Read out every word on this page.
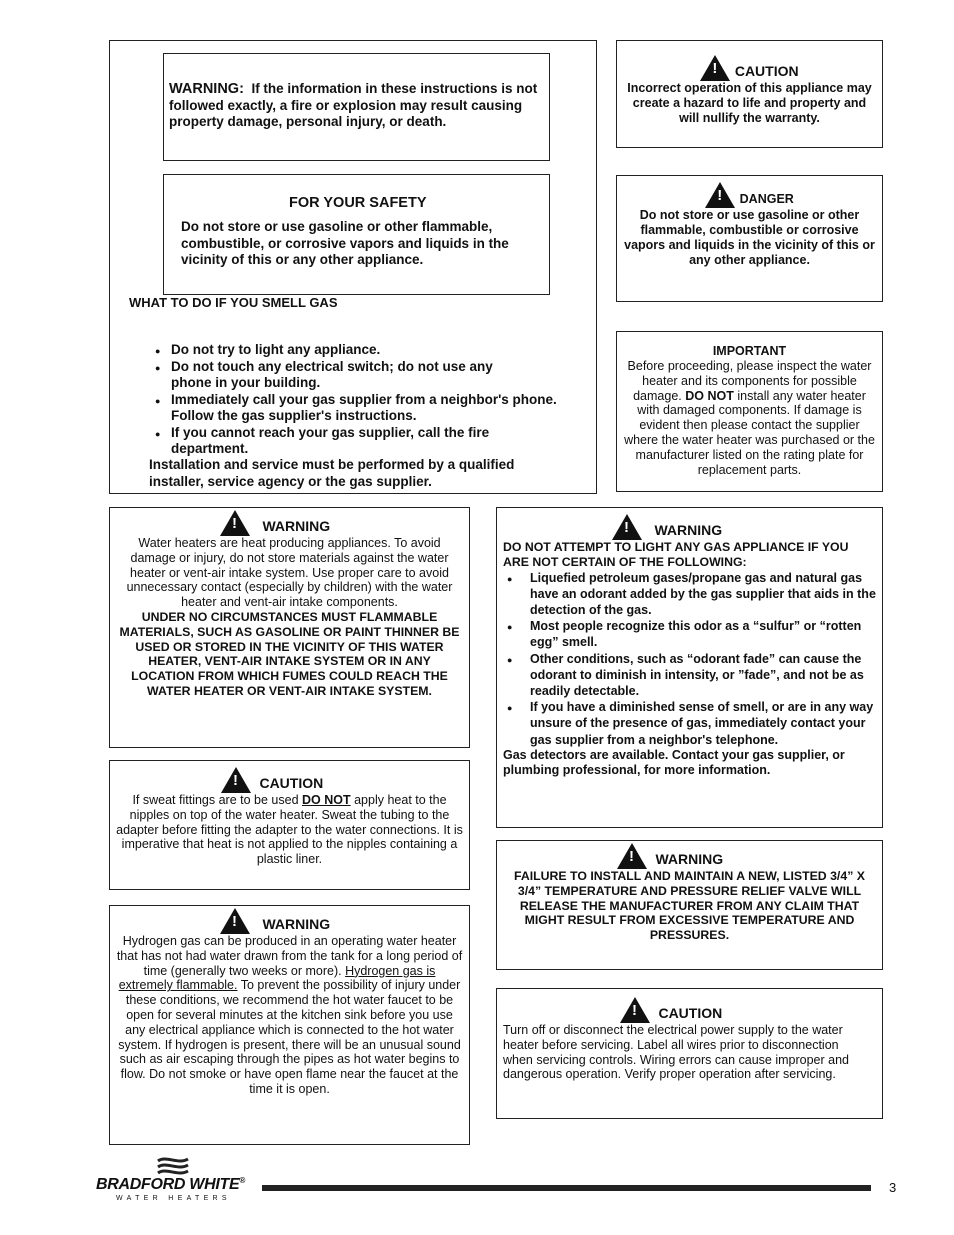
WARNING: If the information in these instructions is not followed exactly, a fire or explosion may result causing property damage, personal injury, or death.
FOR YOUR SAFETY
Do not store or use gasoline or other flammable, combustible, or corrosive vapors and liquids in the vicinity of this or any other appliance.
WHAT TO DO IF YOU SMELL GAS
● Do not try to light any appliance.
● Do not touch any electrical switch; do not use any phone in your building.
● Immediately call your gas supplier from a neighbor's phone. Follow the gas supplier's instructions.
● If you cannot reach your gas supplier, call the fire department.
Installation and service must be performed by a qualified installer, service agency or the gas supplier.
! CAUTION
Incorrect operation of this appliance may create a hazard to life and property and will nullify the warranty.
! DANGER
Do not store or use gasoline or other flammable, combustible or corrosive vapors and liquids in the vicinity of this or any other appliance.
IMPORTANT
Before proceeding, please inspect the water heater and its components for possible damage. DO NOT install any water heater with damaged components. If damage is evident then please contact the supplier where the water heater was purchased or the manufacturer listed on the rating plate for replacement parts.
! WARNING
Water heaters are heat producing appliances. To avoid damage or injury, do not store materials against the water heater or vent-air intake system. Use proper care to avoid unnecessary contact (especially by children) with the water heater and vent-air intake components.
UNDER NO CIRCUMSTANCES MUST FLAMMABLE MATERIALS, SUCH AS GASOLINE OR PAINT THINNER BE USED OR STORED IN THE VICINITY OF THIS WATER HEATER, VENT-AIR INTAKE SYSTEM OR IN ANY LOCATION FROM WHICH FUMES COULD REACH THE WATER HEATER OR VENT-AIR INTAKE SYSTEM.
! CAUTION
If sweat fittings are to be used DO NOT apply heat to the nipples on top of the water heater. Sweat the tubing to the adapter before fitting the adapter to the water connections. It is imperative that heat is not applied to the nipples containing a plastic liner.
! WARNING
Hydrogen gas can be produced in an operating water heater that has not had water drawn from the tank for a long period of time (generally two weeks or more). Hydrogen gas is extremely flammable. To prevent the possibility of injury under these conditions, we recommend the hot water faucet to be open for several minutes at the kitchen sink before you use any electrical appliance which is connected to the hot water system. If hydrogen is present, there will be an unusual sound such as air escaping through the pipes as hot water begins to flow. Do not smoke or have open flame near the faucet at the time it is open.
! WARNING
DO NOT ATTEMPT TO LIGHT ANY GAS APPLIANCE IF YOU ARE NOT CERTAIN OF THE FOLLOWING:
● Liquefied petroleum gases/propane gas and natural gas have an odorant added by the gas supplier that aids in the detection of the gas.
● Most people recognize this odor as a “sulfur” or “rotten egg” smell.
● Other conditions, such as “odorant fade” can cause the odorant to diminish in intensity, or ”fade”, and not be as readily detectable.
● If you have a diminished sense of smell, or are in any way unsure of the presence of gas, immediately contact your gas supplier from a neighbor's telephone.
Gas detectors are available. Contact your gas supplier, or plumbing professional, for more information.
! WARNING
FAILURE TO INSTALL AND MAINTAIN A NEW, LISTED 3/4” X 3/4” TEMPERATURE AND PRESSURE RELIEF VALVE WILL RELEASE THE MANUFACTURER FROM ANY CLAIM THAT MIGHT RESULT FROM EXCESSIVE TEMPERATURE AND PRESSURES.
! CAUTION
Turn off or disconnect the electrical power supply to the water heater before servicing. Label all wires prior to disconnection when servicing controls. Wiring errors can cause improper and dangerous operation. Verify proper operation after servicing.
BRADFORD WHITE®
WATER HEATERS
3
